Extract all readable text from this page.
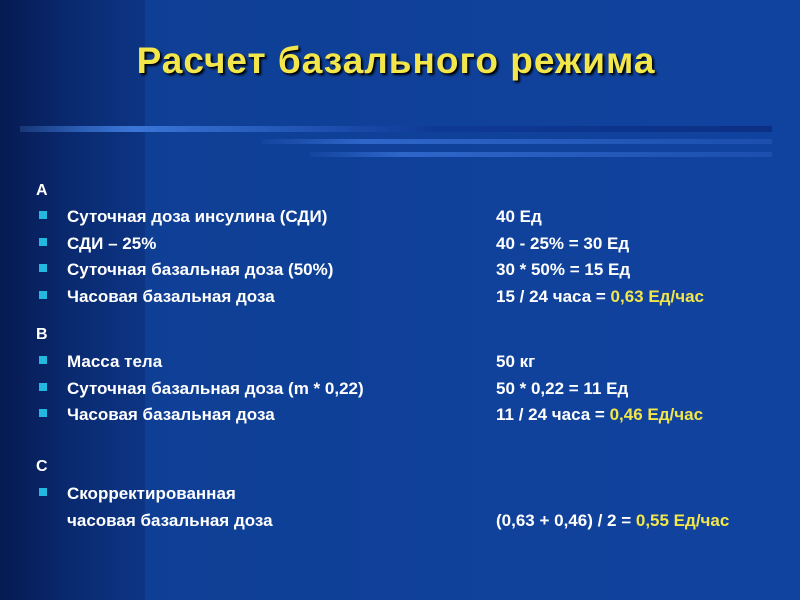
Расчет базального режима
A
Суточная доза инсулина (СДИ)	40 Ед
СДИ – 25%	40 - 25% = 30 Ед
Суточная базальная доза (50%)	30 * 50% = 15 Ед
Часовая базальная доза	15 / 24 часа = 0,63 Ед/час
B
Масса тела	50 кг
Суточная базальная доза (m * 0,22)	50 * 0,22 = 11 Ед
Часовая базальная доза	11 / 24 часа = 0,46 Ед/час
C
Скорректированная
часовая базальная доза	(0,63 + 0,46) / 2 = 0,55 Ед/час
